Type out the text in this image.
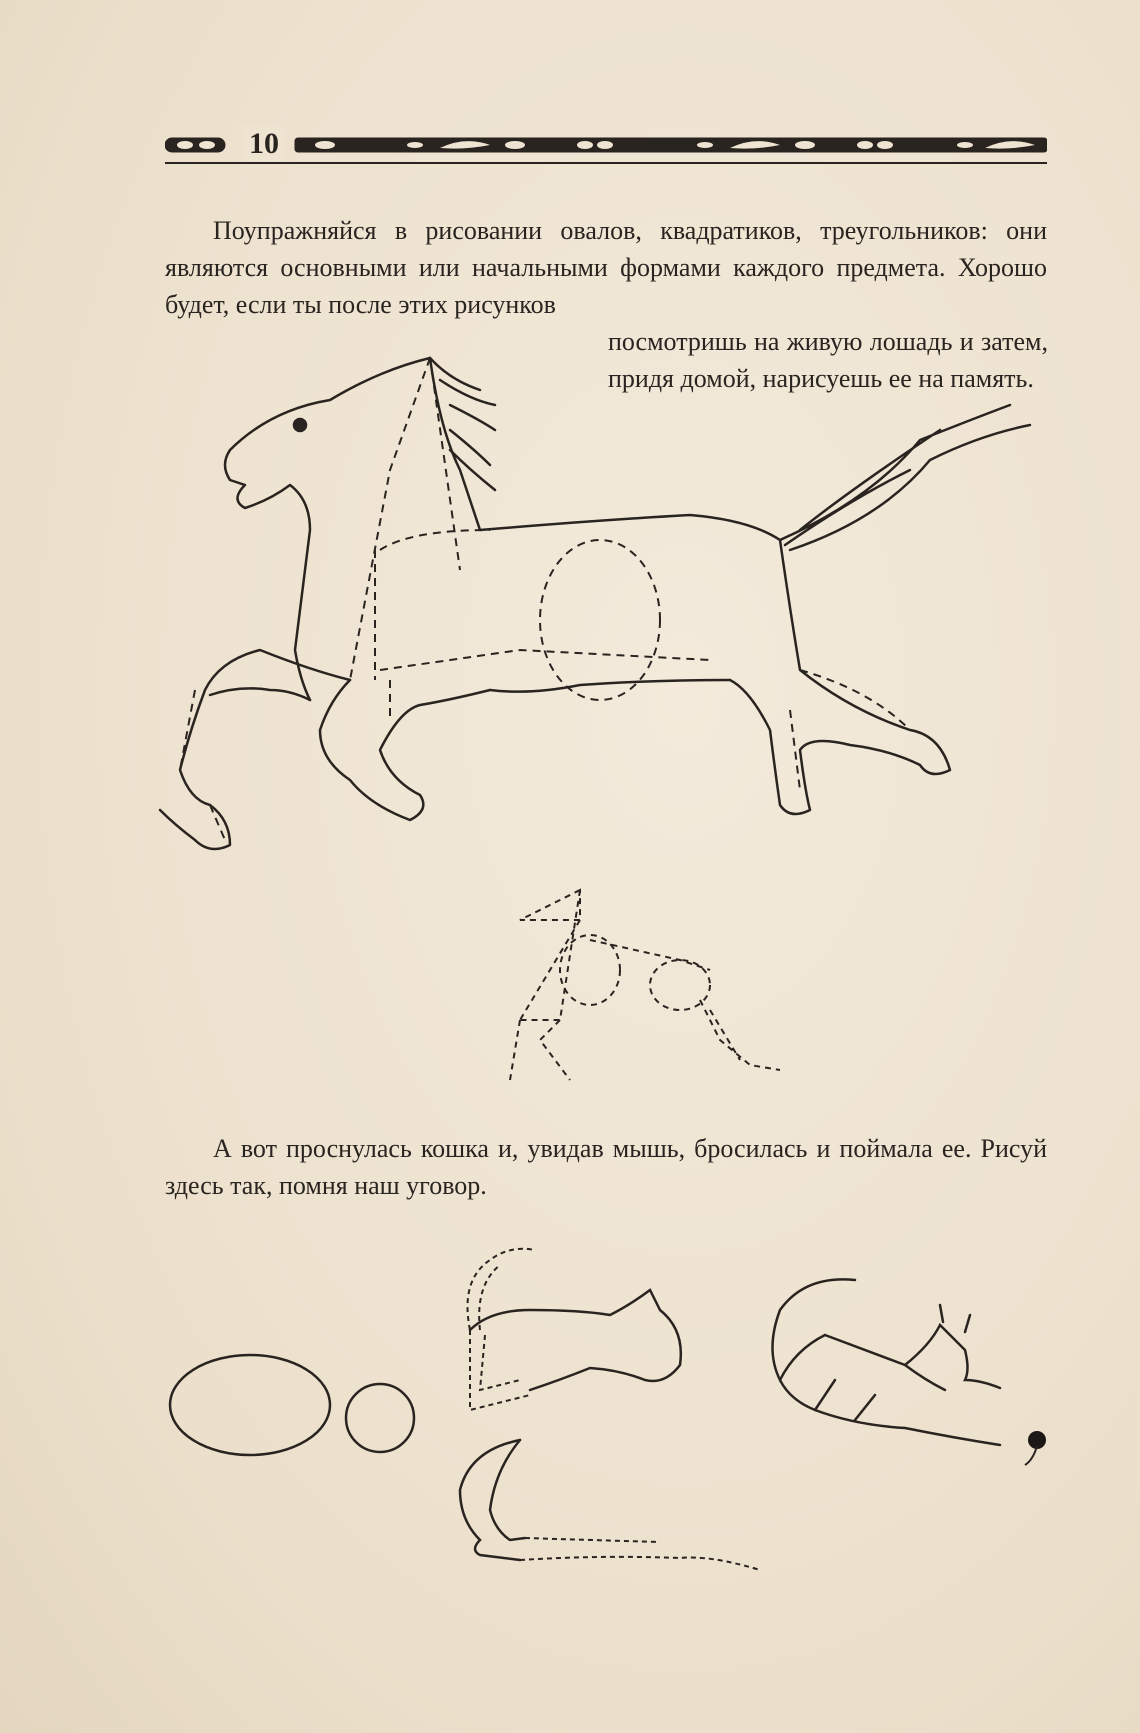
10

Поупражняйся в рисовании овалов, квадратиков, треугольников: они являются основными или начальными формами каждого предмета. Хорошо будет, если ты после этих рисунков

посмотришь на живую лошадь и затем, придя домой, нарисуешь ее на память.

А вот проснулась кошка и, увидав мышь, бросилась и поймала ее. Рисуй здесь так, помня наш уговор.
